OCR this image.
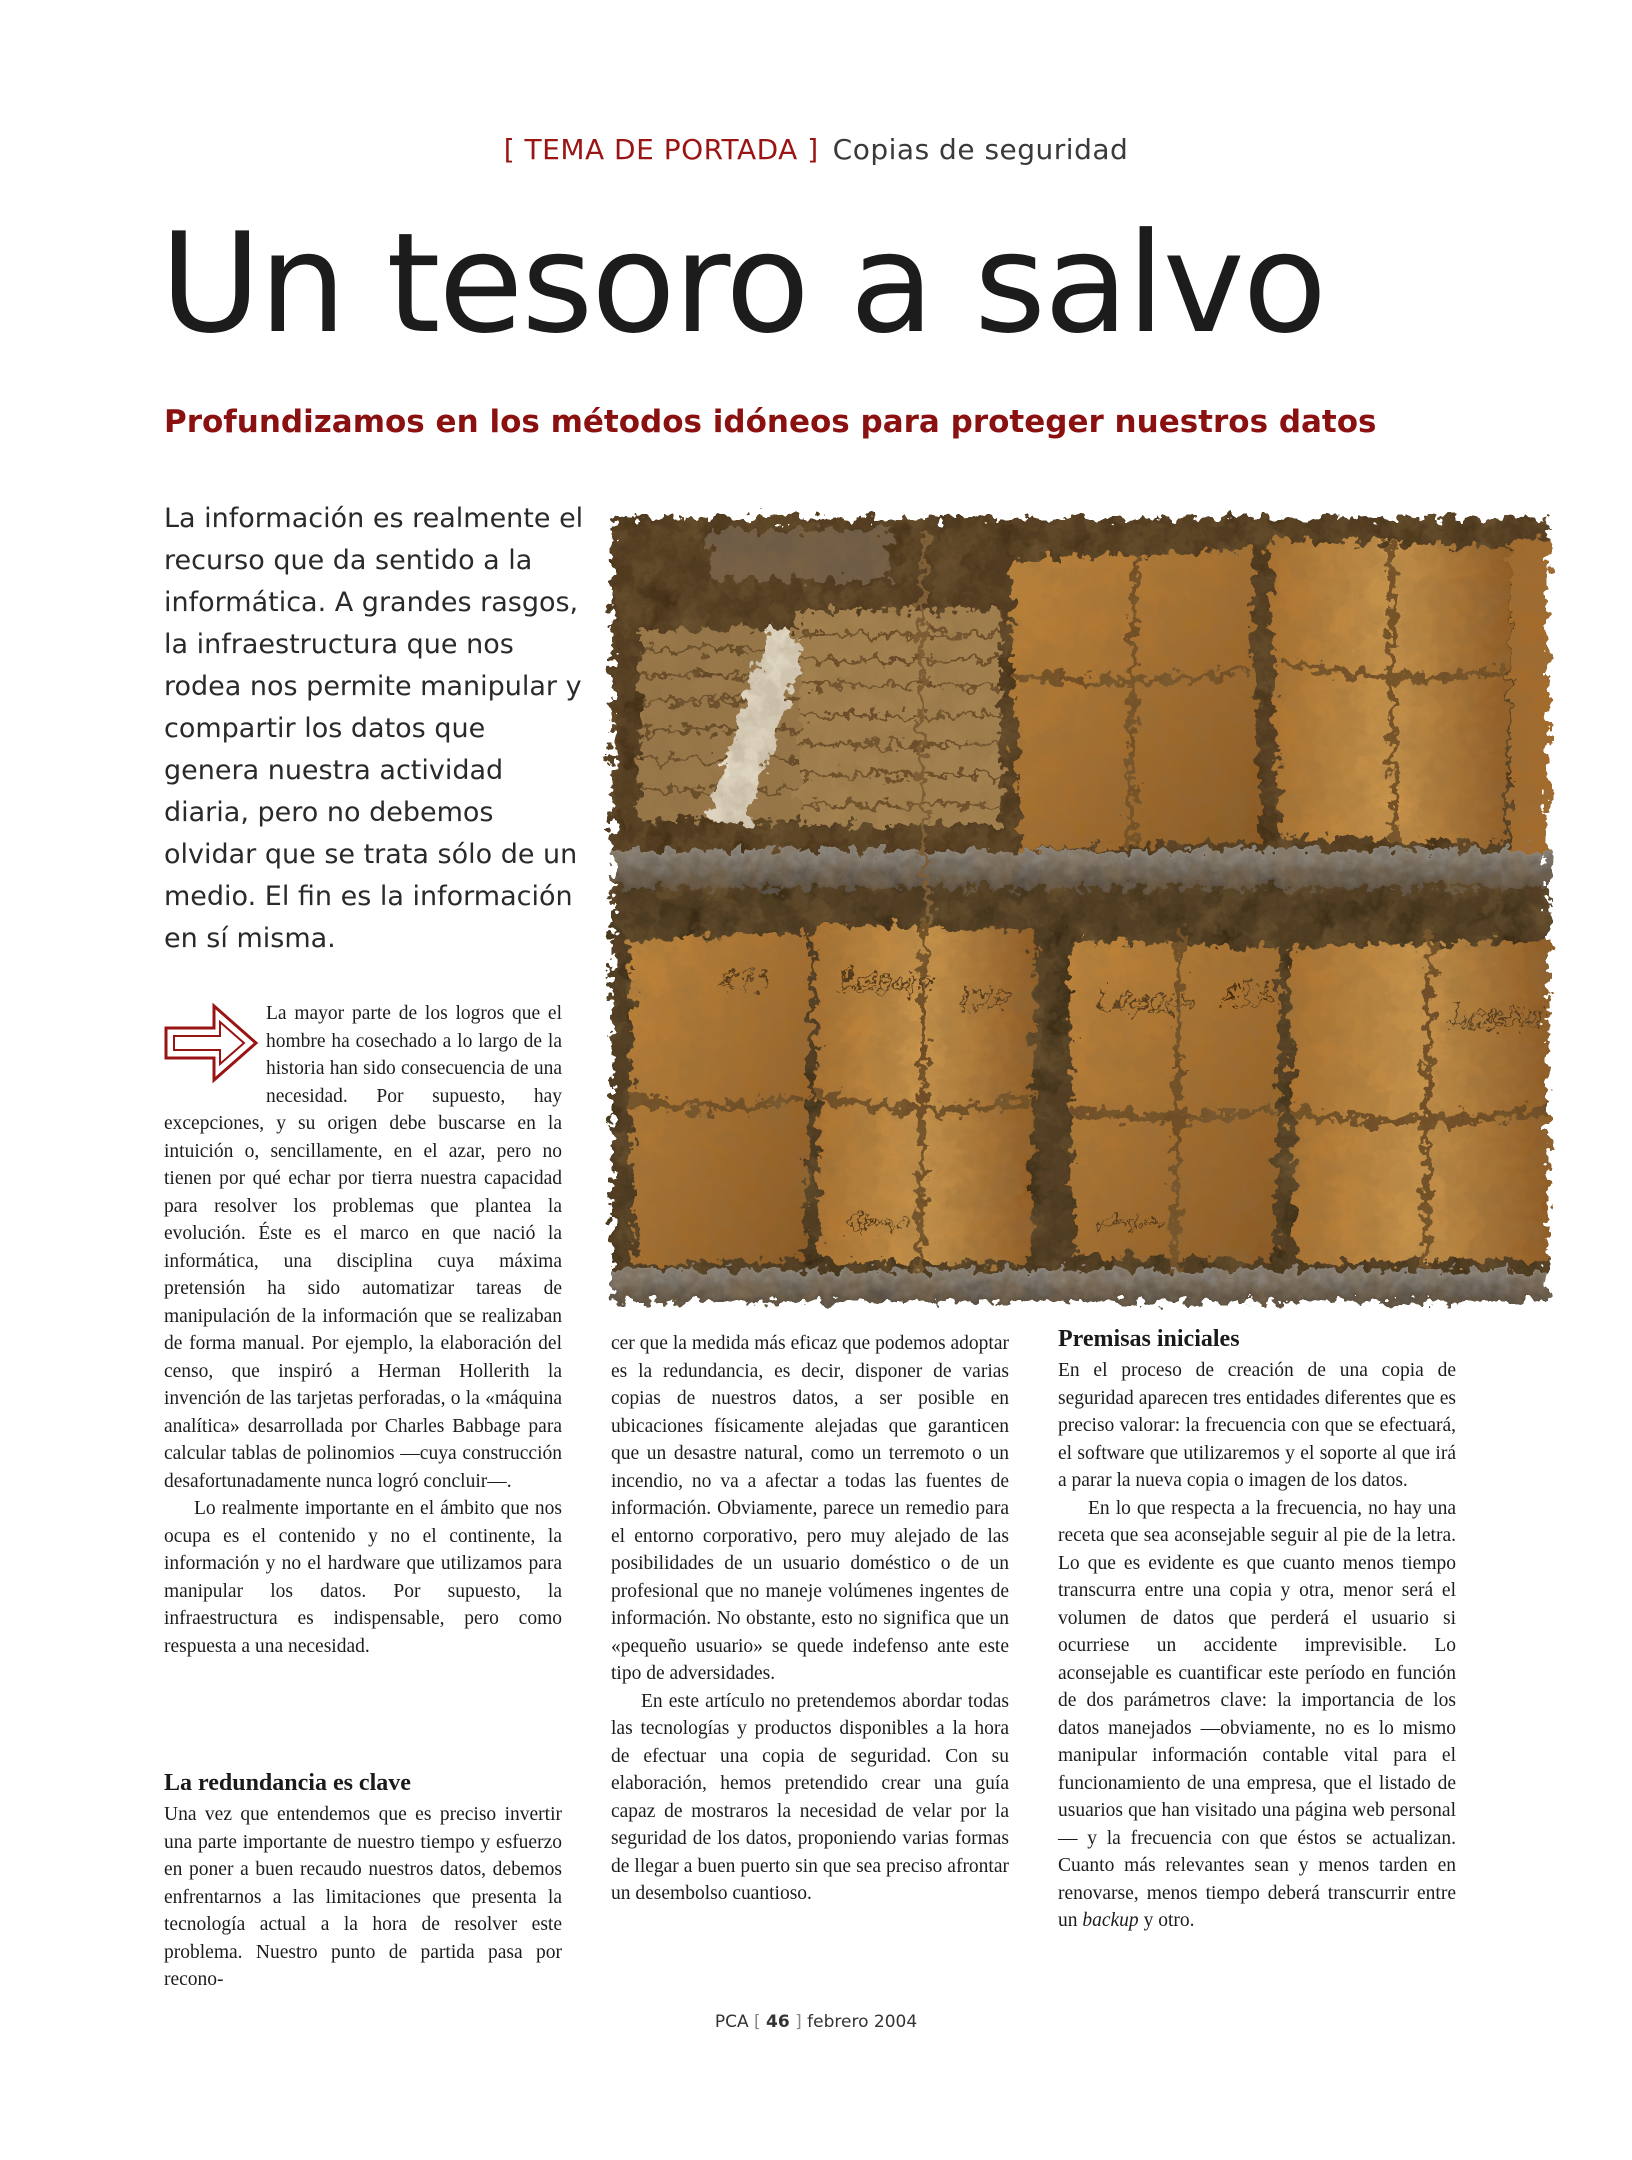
[ TEMA DE PORTADA ] Copias de seguridad
Un tesoro a salvo
Profundizamos en los métodos idóneos para proteger nuestros datos

La información es realmente el recurso que da sentido a la informática. A grandes rasgos, la infraestructura que nos rodea nos permite manipular y compartir los datos que genera nuestra actividad diaria, pero no debemos olvidar que se trata sólo de un medio. El fin es la información en sí misma.

471 Legajo
473	Legajo 475
Legajo
Orden	Orden

La mayor parte de los logros que el hombre ha cosechado a lo largo de la historia han sido consecuencia de una necesidad. Por supuesto, hay excepciones, y su origen debe buscarse en la intuición o, sencillamente, en el azar, pero no tienen por qué echar por tierra nuestra capacidad para resolver los problemas que plantea la evolución. Éste es el marco en que nació la informática, una disciplina cuya máxima pretensión ha sido automatizar tareas de manipulación de la información que se realizaban de forma manual. Por ejemplo, la elaboración del censo, que inspiró a Herman Hollerith la invención de las tarjetas perforadas, o la «máquina analítica» desarrollada por Charles Babbage para calcular tablas de polinomios —cuya construcción desafortunadamente nunca logró concluir—.

Lo realmente importante en el ámbito que nos ocupa es el contenido y no el continente, la información y no el hardware que utilizamos para manipular los datos. Por supuesto, la infraestructura es indispensable, pero como respuesta a una necesidad.

La redundancia es clave

Una vez que entendemos que es preciso invertir una parte importante de nuestro tiempo y esfuerzo en poner a buen recaudo nuestros datos, debemos enfrentarnos a las limitaciones que presenta la tecnología actual a la hora de resolver este problema. Nuestro punto de partida pasa por recono-

cer que la medida más eficaz que podemos adoptar es la redundancia, es decir, disponer de varias copias de nuestros datos, a ser posible en ubicaciones físicamente alejadas que garanticen que un desastre natural, como un terremoto o un incendio, no va a afectar a todas las fuentes de información. Obviamente, parece un remedio para el entorno corporativo, pero muy alejado de las posibilidades de un usuario doméstico o de un profesional que no maneje volúmenes ingentes de información. No obstante, esto no significa que un «pequeño usuario» se quede indefenso ante este tipo de adversidades.

En este artículo no pretendemos abordar todas las tecnologías y productos disponibles a la hora de efectuar una copia de seguridad. Con su elaboración, hemos pretendido crear una guía capaz de mostraros la necesidad de velar por la seguridad de los datos, proponiendo varias formas de llegar a buen puerto sin que sea preciso afrontar un desembolso cuantioso.

Premisas iniciales

En el proceso de creación de una copia de seguridad aparecen tres entidades diferentes que es preciso valorar: la frecuencia con que se efectuará, el software que utilizaremos y el soporte al que irá a parar la nueva copia o imagen de los datos.

En lo que respecta a la frecuencia, no hay una receta que sea aconsejable seguir al pie de la letra. Lo que es evidente es que cuanto menos tiempo transcurra entre una copia y otra, menor será el volumen de datos que perderá el usuario si ocurriese un accidente imprevisible. Lo aconsejable es cuantificar este período en función de dos parámetros clave: la importancia de los datos manejados —obviamente, no es lo mismo manipular información contable vital para el funcionamiento de una empresa, que el listado de usuarios que han visitado una página web personal— y la frecuencia con que éstos se actualizan. Cuanto más relevantes sean y menos tarden en renovarse, menos tiempo deberá transcurrir entre un backup y otro.

PCA [ 46 ] febrero 2004
